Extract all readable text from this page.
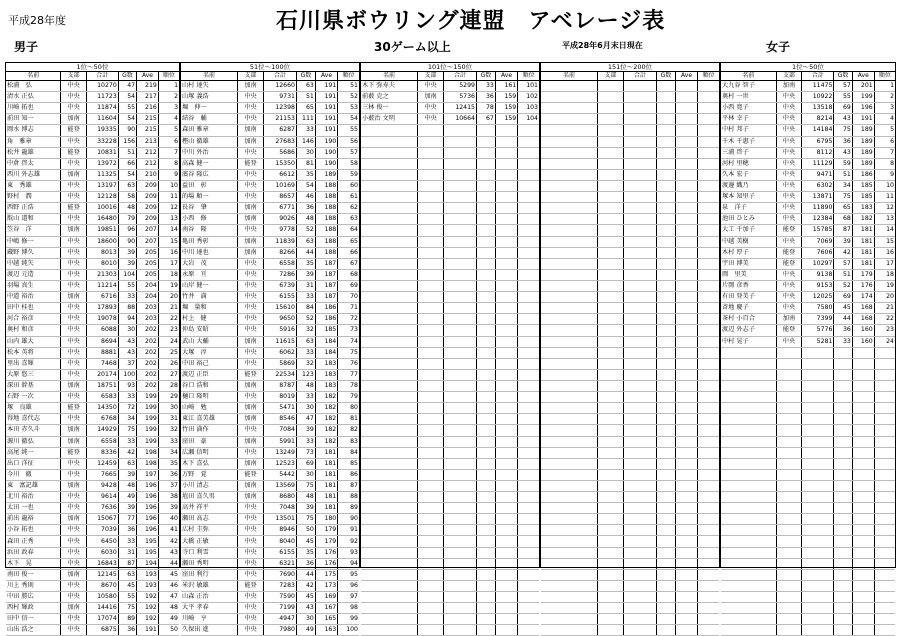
平成28年度	石川県ボウリング連盟　アベレージ表
男子	30ゲーム以上	平成28年6月末日現在	女子
1位～50位
名前	支部	合計	G数	Ave	順位
松浦　弘	中央	10270	47	219	1
清水 正弘	中央	11723	54	217	2
川崎 拓也	中央	11874	55	216	3
前田 知一	加南	11604	54	215	4
岡水 博志	能登	19335	90	215	5
角　雅章	中央	33228	156	213	6
松井 龍雄	能登	10831	51	212	7
中倉 啓太	中央	13972	66	212	8
西川 外志雄	加南	11325	54	210	9
東　秀雄	中央	13197	63	209	10
野村　潤	中央	12128	58	209	11
西野 正浩	能登	10016	48	209	12
翫山 道和	中央	16480	79	209	13
笠谷　洋	加南	19851	96	207	14
中嶋 修一	中央	18600	90	207	15
蔵野 博久	中央	8013	39	205	16
中越 純矢	中央	8010	39	205	17
渡辺 元造	中央	21303	104	205	18
羽場 真生	中央	11214	55	204	19
中道 裕治	加南	6716	33	204	20
田中 桂也	中央	17893	88	203	21
河合 裕彦	中央	19078	94	203	22
奥村 和彦	中央	6088	30	202	23
山内 雄大	中央	8694	43	202	24
松本 英将	中央	8881	43	202	25
里出 喜輝	中央	7468	37	202	26
大原 悠三	中央	20174	100	202	27
深田 幹基	加南	18751	93	202	28
石野 一次	中央	6583	33	199	29
塚　良雄	能登	14350	72	199	30
得地 喜代志	中央	6768	34	199	31
本田 赤久斗	加南	14929	75	199	32
源川 徹弘	加南	6558	33	199	33
高尾 純一	能登	8336	42	198	34
出口 洋征	中央	12459	63	198	35
今川　徹	中央	7665	39	197	36
東　富記雄	加南	9428	48	196	37
北川 裕治	中央	9614	49	196	38
太田 一也	中央	7636	39	196	39
前出 龍裕	加南	15067	77	196	40
小谷 拓也	中央	7039	36	196	41
森田 正秀	中央	6450	33	195	42
浜田 政春	中央	6030	31	195	43
木下　晃	中央	16843	87	194	44
南田 俊一	加南	12145	63	193	45
川上 秀則	中央	8670	45	193	46
中田 勝広	中央	10580	55	192	47
西村 輝政	加南	14416	75	192	48
田中 信一	中央	17074	89	192	49
山出 浩之	中央	6875	36	191	50
51位～100位
名前	支部	合計	G数	Ave	順位
山村 達矢	加南	12660	63	191	51
山塚 義浩	中央	9731	51	191	52
堀　伸一	中央	12398	65	191	53
結谷　輔	中央	21153	111	191	54
森田 雅章	加南	6287	33	191	55
樫山 徹雄	加南	27683	146	190	56
中川 外治	中央	5686	30	190	57
高森 健一	能登	15350	81	190	58
濱谷 隆広	中央	6612	35	189	59
益田　彰	中央	10169	54	188	60
的場 順一	中央	8657	46	188	61
長谷　肇	加南	6771	36	188	62
小西　修	加南	9026	48	188	63
南谷　隆	中央	9778	52	188	64
亀田 秀彰	加南	11839	63	188	65
中川 達也	加南	8266	44	188	66
大岩　茂	中央	6558	35	187	67
永原　亘	中央	7286	39	187	68
山岸 健一	中央	6739	31	187	69
竹井　満	中央	6155	33	187	70
堀　量和	中央	15610	84	186	71
村上　健	中央	9650	52	186	72
仲島 安昭	中央	5916	32	185	73
武山 大輔	加南	11615	63	184	74
大塚　淳	中央	6062	33	184	75
中田 裕己	中央	5869	32	183	76
渡辺 正臣	能登	22534	123	183	77
谷口 浩和	加南	8787	48	183	78
樋口 隆明	中央	8019	33	182	79
山崎　勉	加南	5471	30	182	80
東江 喜美雄	加南	8546	47	182	81
竹田 満作	中央	7084	39	182	82
窪田　豪	加南	5991	33	182	83
広瀬 信明	中央	13249	73	181	84
木下 喜弘	加南	12523	69	181	85
万野　覚	能登	5442	30	181	86
小川 清志	加南	13569	75	181	87
埴田 喜久男	加南	8680	48	181	88
高井 祥平	中央	7048	39	181	89
瀬田 高志	中央	13501	75	180	90
広村 圭弥	中央	8946	50	179	91
大橋 正敏	中央	8040	45	179	92
寺口 利雪	中央	6155	35	176	93
瀬田 秀明	中央	6321	36	176	94
窪田 利行	中央	7690	44	175	95
米沢 敏雄	能登	7283	42	173	96
山森 正治	中央	7590	45	169	97
大平 孝春	中央	7199	43	167	98
川崎　亨	中央	4947	30	165	99
久保出 進	中央	7980	49	163	100
101位～150位
名前	支部	合計	G数	Ave	順位
木下 弥寿夫	中央	5299	33	161	101
前薮 克之	加南	5736	36	159	102
三林 俊一	中央	12415	78	159	103
小薮治 文明	中央	10664	67	159	104

151位～200位
名前	支部	合計	G数	Ave	順位

1位～50位
名前	支部	合計	G数	Ave	順位
大九谷 智子	加南	11475	57	201	1
奥村 一世	中央	10922	55	199	2
小西 寛子	中央	13518	69	196	3
平林 幸子	中央	8214	43	191	4
中村 邦子	中央	14184	75	189	5
千木 千惠子	中央	6795	36	189	6
三浦 啓子	中央	8112	43	189	7
河村 里穂	中央	11129	59	189	8
久本 宏子	中央	9471	51	186	9
渡邊 織乃	中央	6302	34	185	10
塚本 知里子	中央	13871	75	185	11
泉　洋子	中央	11890	65	183	12
池田 ひとみ	中央	12384	68	182	13
大工 千加子	能登	15785	87	181	14
中越 美樹	中央	7069	39	181	15
木村 厚子	能登	7606	42	181	16
宇田 博美	能登	10297	57	181	17
岡　里美	中央	9138	51	179	18
片岡 彦香	中央	9153	52	176	19
有田 登美子	中央	12025	69	174	20
斉地 慶子	中央	7580	45	168	21
茶村 小百合	加南	7399	44	168	22
渡辺 外志子	能登	5776	36	160	23
中村 晃子	中央	5281	33	160	24
